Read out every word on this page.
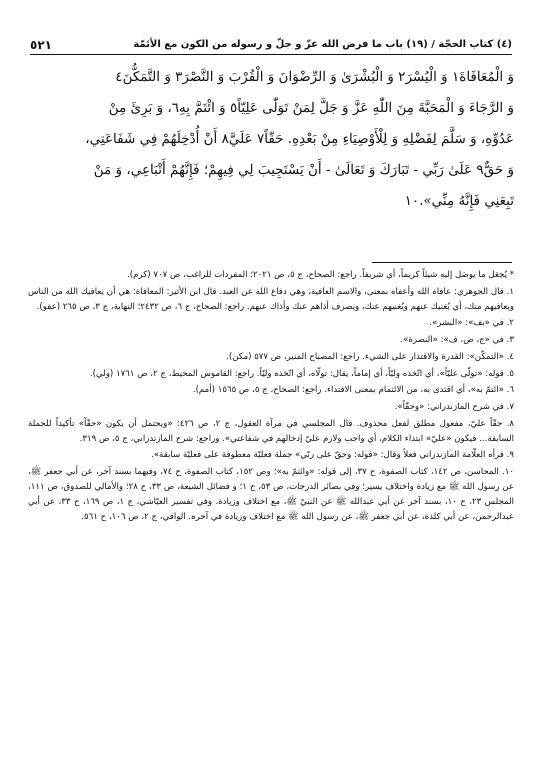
(٤) كتاب الحجّة / (١٩) باب ما فرض الله عزّ و جلّ و رسوله من الكون مع الأئمّة
٥٢١

وَ الْمُعَافَاةَ١ وَ الْيُسْرَ٢ وَ الْبُشْرَىٰ وَ الرِّضْوَانَ وَ الْقُرْبَ وَ النَّصْرَ٣ وَ التَّمَكُّنَ٤

وَ الرَّجَاءَ وَ الْمَحَبَّةَ مِنَ اللّٰهِ عَزَّ وَ جَلَّ لِمَنْ تَوَلّٰى عَلِيّاً٥ وَ ائْتَمَّ بِهِ٦، وَ بَرِئَ مِنْ

عَدُوِّهِ، وَ سَلَّمَ لِفَضْلِهِ وَ لِلْأَوْصِيَاءِ مِنْ بَعْدِهِ. حَقّاً٧ عَلَيَّ٨ أَنْ أُدْخِلَهُمْ فِي شَفَاعَتِي،

وَ حَقٌّ٩ عَلَىٰ رَبِّي - تَبَارَكَ وَ تَعَالَىٰ - أَنْ يَسْتَجِيبَ لِي فِيهِمْ؛ فَإِنَّهُمْ أَتْبَاعِي، وَ مَنْ

تَبِعَنِي فَإِنَّهُ مِنِّي».١٠

* يُجعَل ما يوصَل إليه شيئاً كريماً، أي شريفاً. راجع: الصحاح، ج ٥، ص ٢٠٢١؛ المفردات للراغب، ص ٧٠٧ (كرم).

١. قال الجوهري: عافاه الله وأعفاه بمعنى، والاسم العافية، وهي دفاع الله عن العبد. قال ابن الأثير: المعافاة: هي أن يعافيك الله من الناس ويعافيهم منك، أي يُغنيك عنهم ويُغنيهم عنك، ويصرف أذاهم عنك وأذاك عنهم. راجع: الصحاح، ج ٦، ص ٢٤٣٢؛ النهاية، ج ٣، ص ٢٦٥ (عفو).

٢. في «بف»: «البشر».

٣. في «ج، ض، ف»: «النصرة».

٤. «التمكّن»: القدرة والاقتدار على الشيء. راجع: المصباح المنير، ص ٥٧٧ (مكن).

٥. قوله: «تولّى عليّاً»، أي اتّخذه وليّاً، أي إماماً، يقال: تولّاه، أي اتّخذه وليّاً. راجع: القاموس المحيط، ج ٢، ص ١٧٦١ (ولي).

٦. «ائتمّ به»، أي اقتدى به، من الائتمام بمعنى الاقتداء. راجع: الصحاح، ج ٥، ص ١٥٦٥ (أمم).

٧. في شرح المازندراني: «وحقّاً».

٨. حقّاً عليّ، مفعول مطلق لفعل محذوف. قال المجلسي في مرآة العقول، ج ٢، ص ٤٢٦: «ويحتمل أن يكون «حقّاً» تأكيداً للجملة السابقة... فيكون «عليّ» ابتداء الكلام، أي واجب ولازم عليّ إدخالهم في شفاعتي». وراجع: شرح المازندراني، ج ٥، ص ٣١٩.

٩. قرأه العلّامة المازندراني فعلاً وقال: «قوله: وحقّ على ربّي» جملة فعليّة معطوفة على فعليّة سابقة».

١٠. المحاسن، ص ١٤٢، كتاب الصفوة، ح ٣٧، إلى قوله: «وائتمّ به»؛ وص ١٥٢، كتاب الصفوة، ح ٧٤، وفيهما بسند آخر، عن أبي جعفر ﷺ، عن رسول الله ﷺ مع زيادة واختلاف يسير؛ وفي بصائر الدرجات، ص ٥٣، ح ١؛ و فضائل الشيعة، ص ٣٣، ح ٢٨؛ والأمالي للصدوق، ص ١١١، المجلس ٢٣، ح ١٠، بسند آخر عن أبي عبدالله ﷺ عن النبيّ ﷺ، مع اختلاف وزيادة. وفي تفسير العيّاشي، ج ١، ص ١٦٩، ح ٣٣، عن أبي عبدالرحمن، عن أبي كلدة، عن أبي جعفر ﷺ، عن رسول الله ﷺ مع اختلاف وزيادة في آخره. الوافي، ج ٢، ص ١٠٦، ح ٥٦١.
